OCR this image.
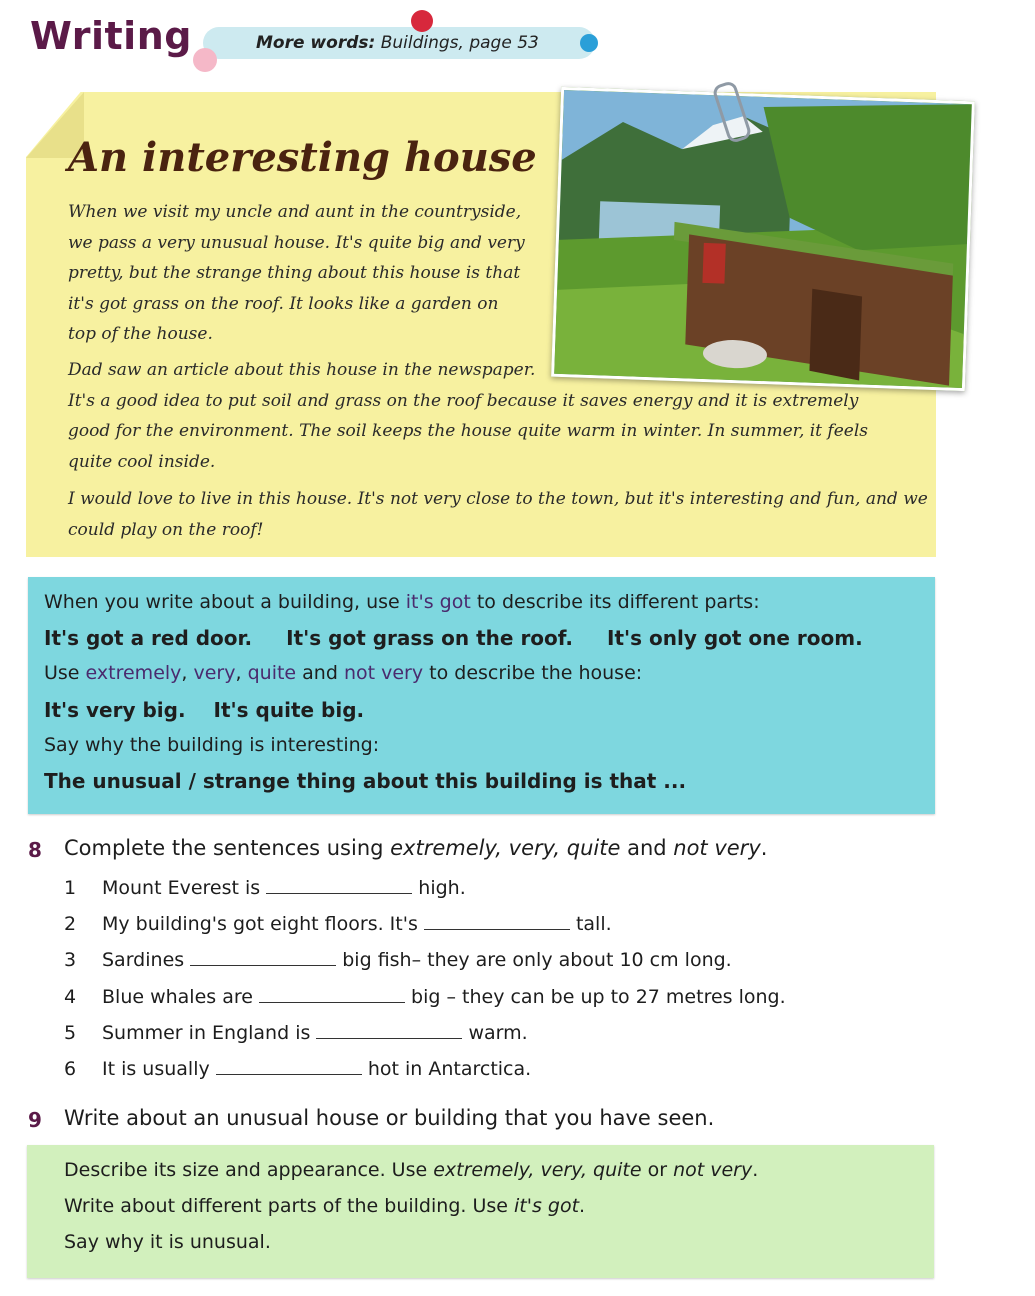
Writing	More words: Buildings, page 53
An interesting house
When we visit my uncle and aunt in the countryside,
we pass a very unusual house. It's quite big and very
pretty, but the strange thing about this house is that
it's got grass on the roof. It looks like a garden on
top of the house.
Dad saw an article about this house in the newspaper.
It's a good idea to put soil and grass on the roof because it saves energy and it is extremely
good for the environment. The soil keeps the house quite warm in winter. In summer, it feels
quite cool inside.
I would love to live in this house. It's not very close to the town, but it's interesting and fun, and we
could play on the roof!
When you write about a building, use it's got to describe its different parts:
It's got a red door. It's got grass on the roof. It's only got one room.
Use extremely, very, quite and not very to describe the house:
It's very big. It's quite big.
Say why the building is interesting:
The unusual / strange thing about this building is that ...
8 Complete the sentences using extremely, very, quite and not very.
1 Mount Everest is	high.
2 My building's got eight floors. It's	tall.
3 Sardines	big fish– they are only about 10 cm long.
4 Blue whales are	big – they can be up to 27 metres long.
5 Summer in England is	warm.
6 It is usually	hot in Antarctica.
9 Write about an unusual house or building that you have seen.
Describe its size and appearance. Use extremely, very, quite or not very.
Write about different parts of the building. Use it's got.
Say why it is unusual.
